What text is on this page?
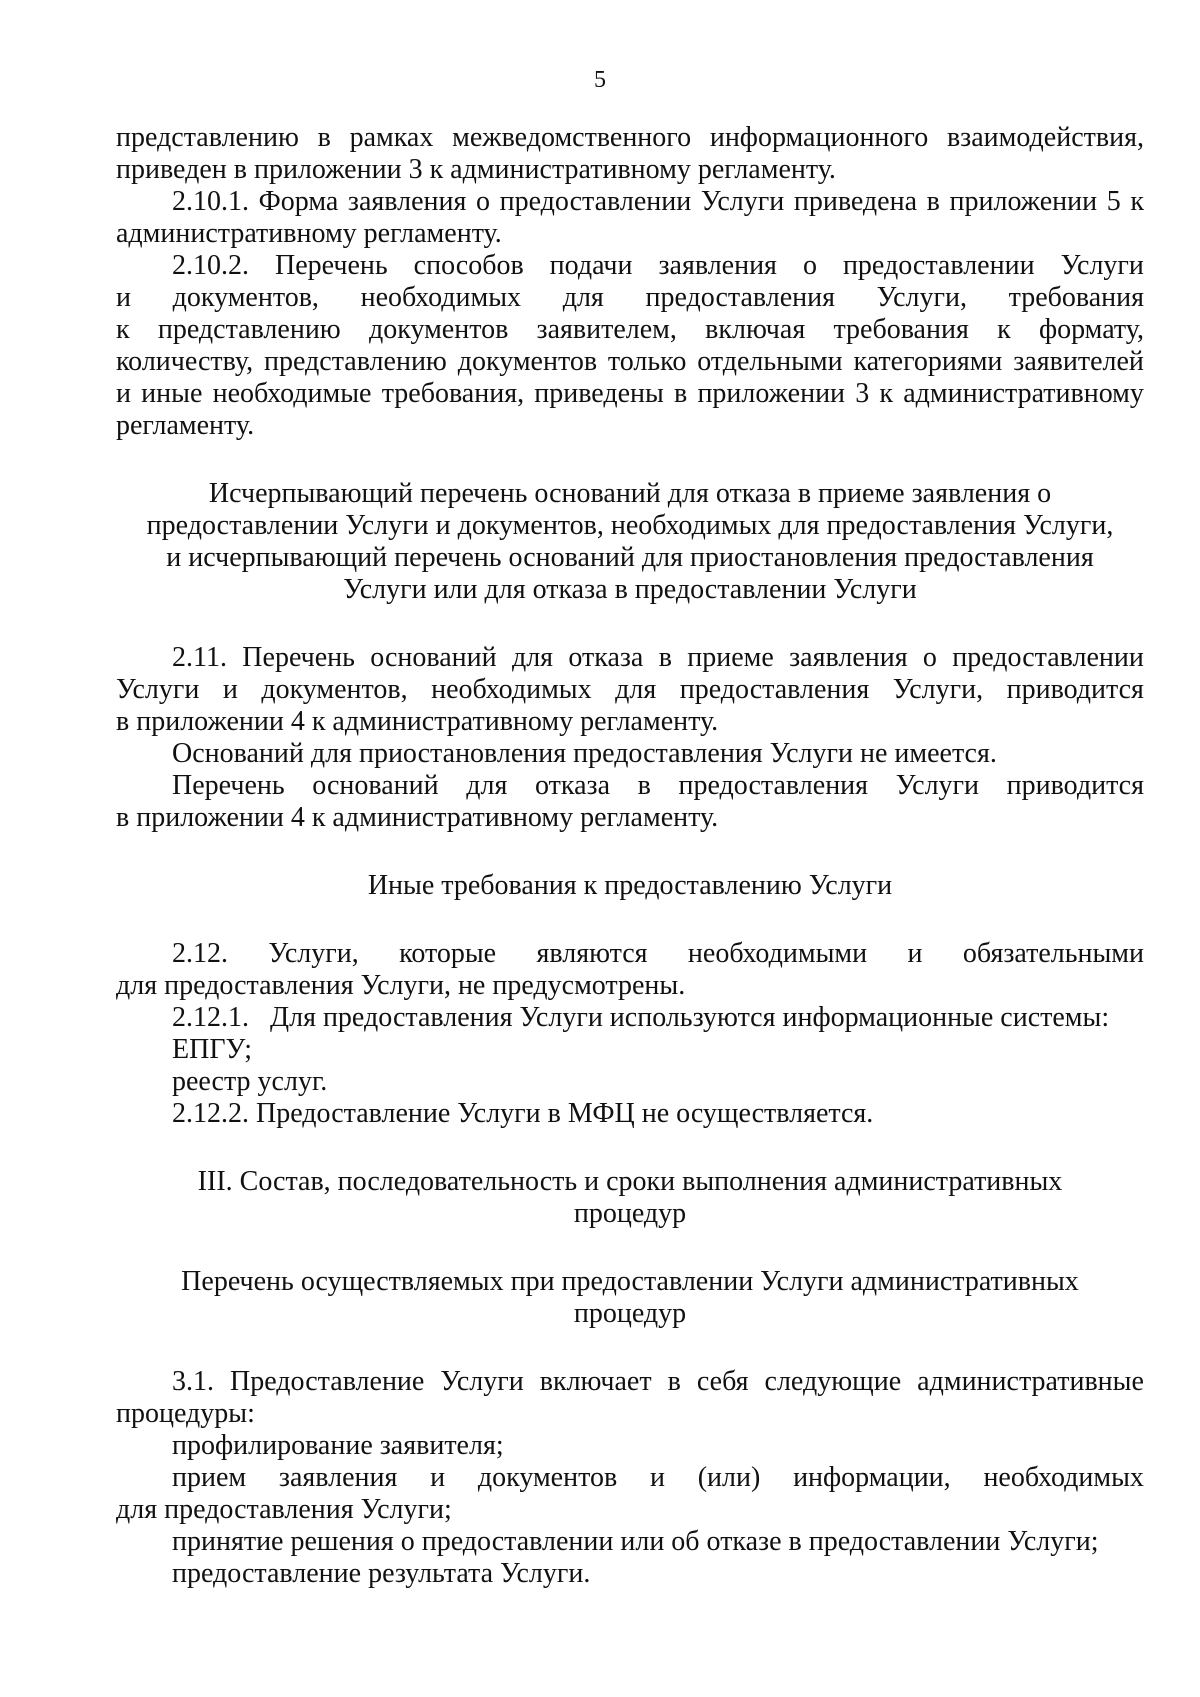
5
представлению в рамках межведомственного информационного взаимодействия,
приведен в приложении 3 к административному регламенту.
2.10.1. Форма заявления о предоставлении Услуги приведена в приложении 5 к
административному регламенту.
2.10.2. Перечень способов подачи заявления о предоставлении Услуги
и документов, необходимых для предоставления Услуги, требования
к представлению документов заявителем, включая требования к формату,
количеству, представлению документов только отдельными категориями заявителей
и иные необходимые требования, приведены в приложении 3 к административному
регламенту.
Исчерпывающий перечень оснований для отказа в приеме заявления о
предоставлении Услуги и документов, необходимых для предоставления Услуги,
и исчерпывающий перечень оснований для приостановления предоставления
Услуги или для отказа в предоставлении Услуги
2.11. Перечень оснований для отказа в приеме заявления о предоставлении
Услуги и документов, необходимых для предоставления Услуги, приводится
в приложении 4 к административному регламенту.
Оснований для приостановления предоставления Услуги не имеется.
Перечень оснований для отказа в предоставления Услуги приводится
в приложении 4 к административному регламенту.
Иные требования к предоставлению Услуги
2.12. Услуги, которые являются необходимыми и обязательными
для предоставления Услуги, не предусмотрены.
2.12.1.   Для предоставления Услуги используются информационные системы:
ЕПГУ;
реестр услуг.
2.12.2. Предоставление Услуги в МФЦ не осуществляется.
III. Состав, последовательность и сроки выполнения административных
процедур
Перечень осуществляемых при предоставлении Услуги административных
процедур
3.1. Предоставление Услуги включает в себя следующие административные
процедуры:
профилирование заявителя;
прием заявления и документов и (или) информации, необходимых
для предоставления Услуги;
принятие решения о предоставлении или об отказе в предоставлении Услуги;
предоставление результата Услуги.
